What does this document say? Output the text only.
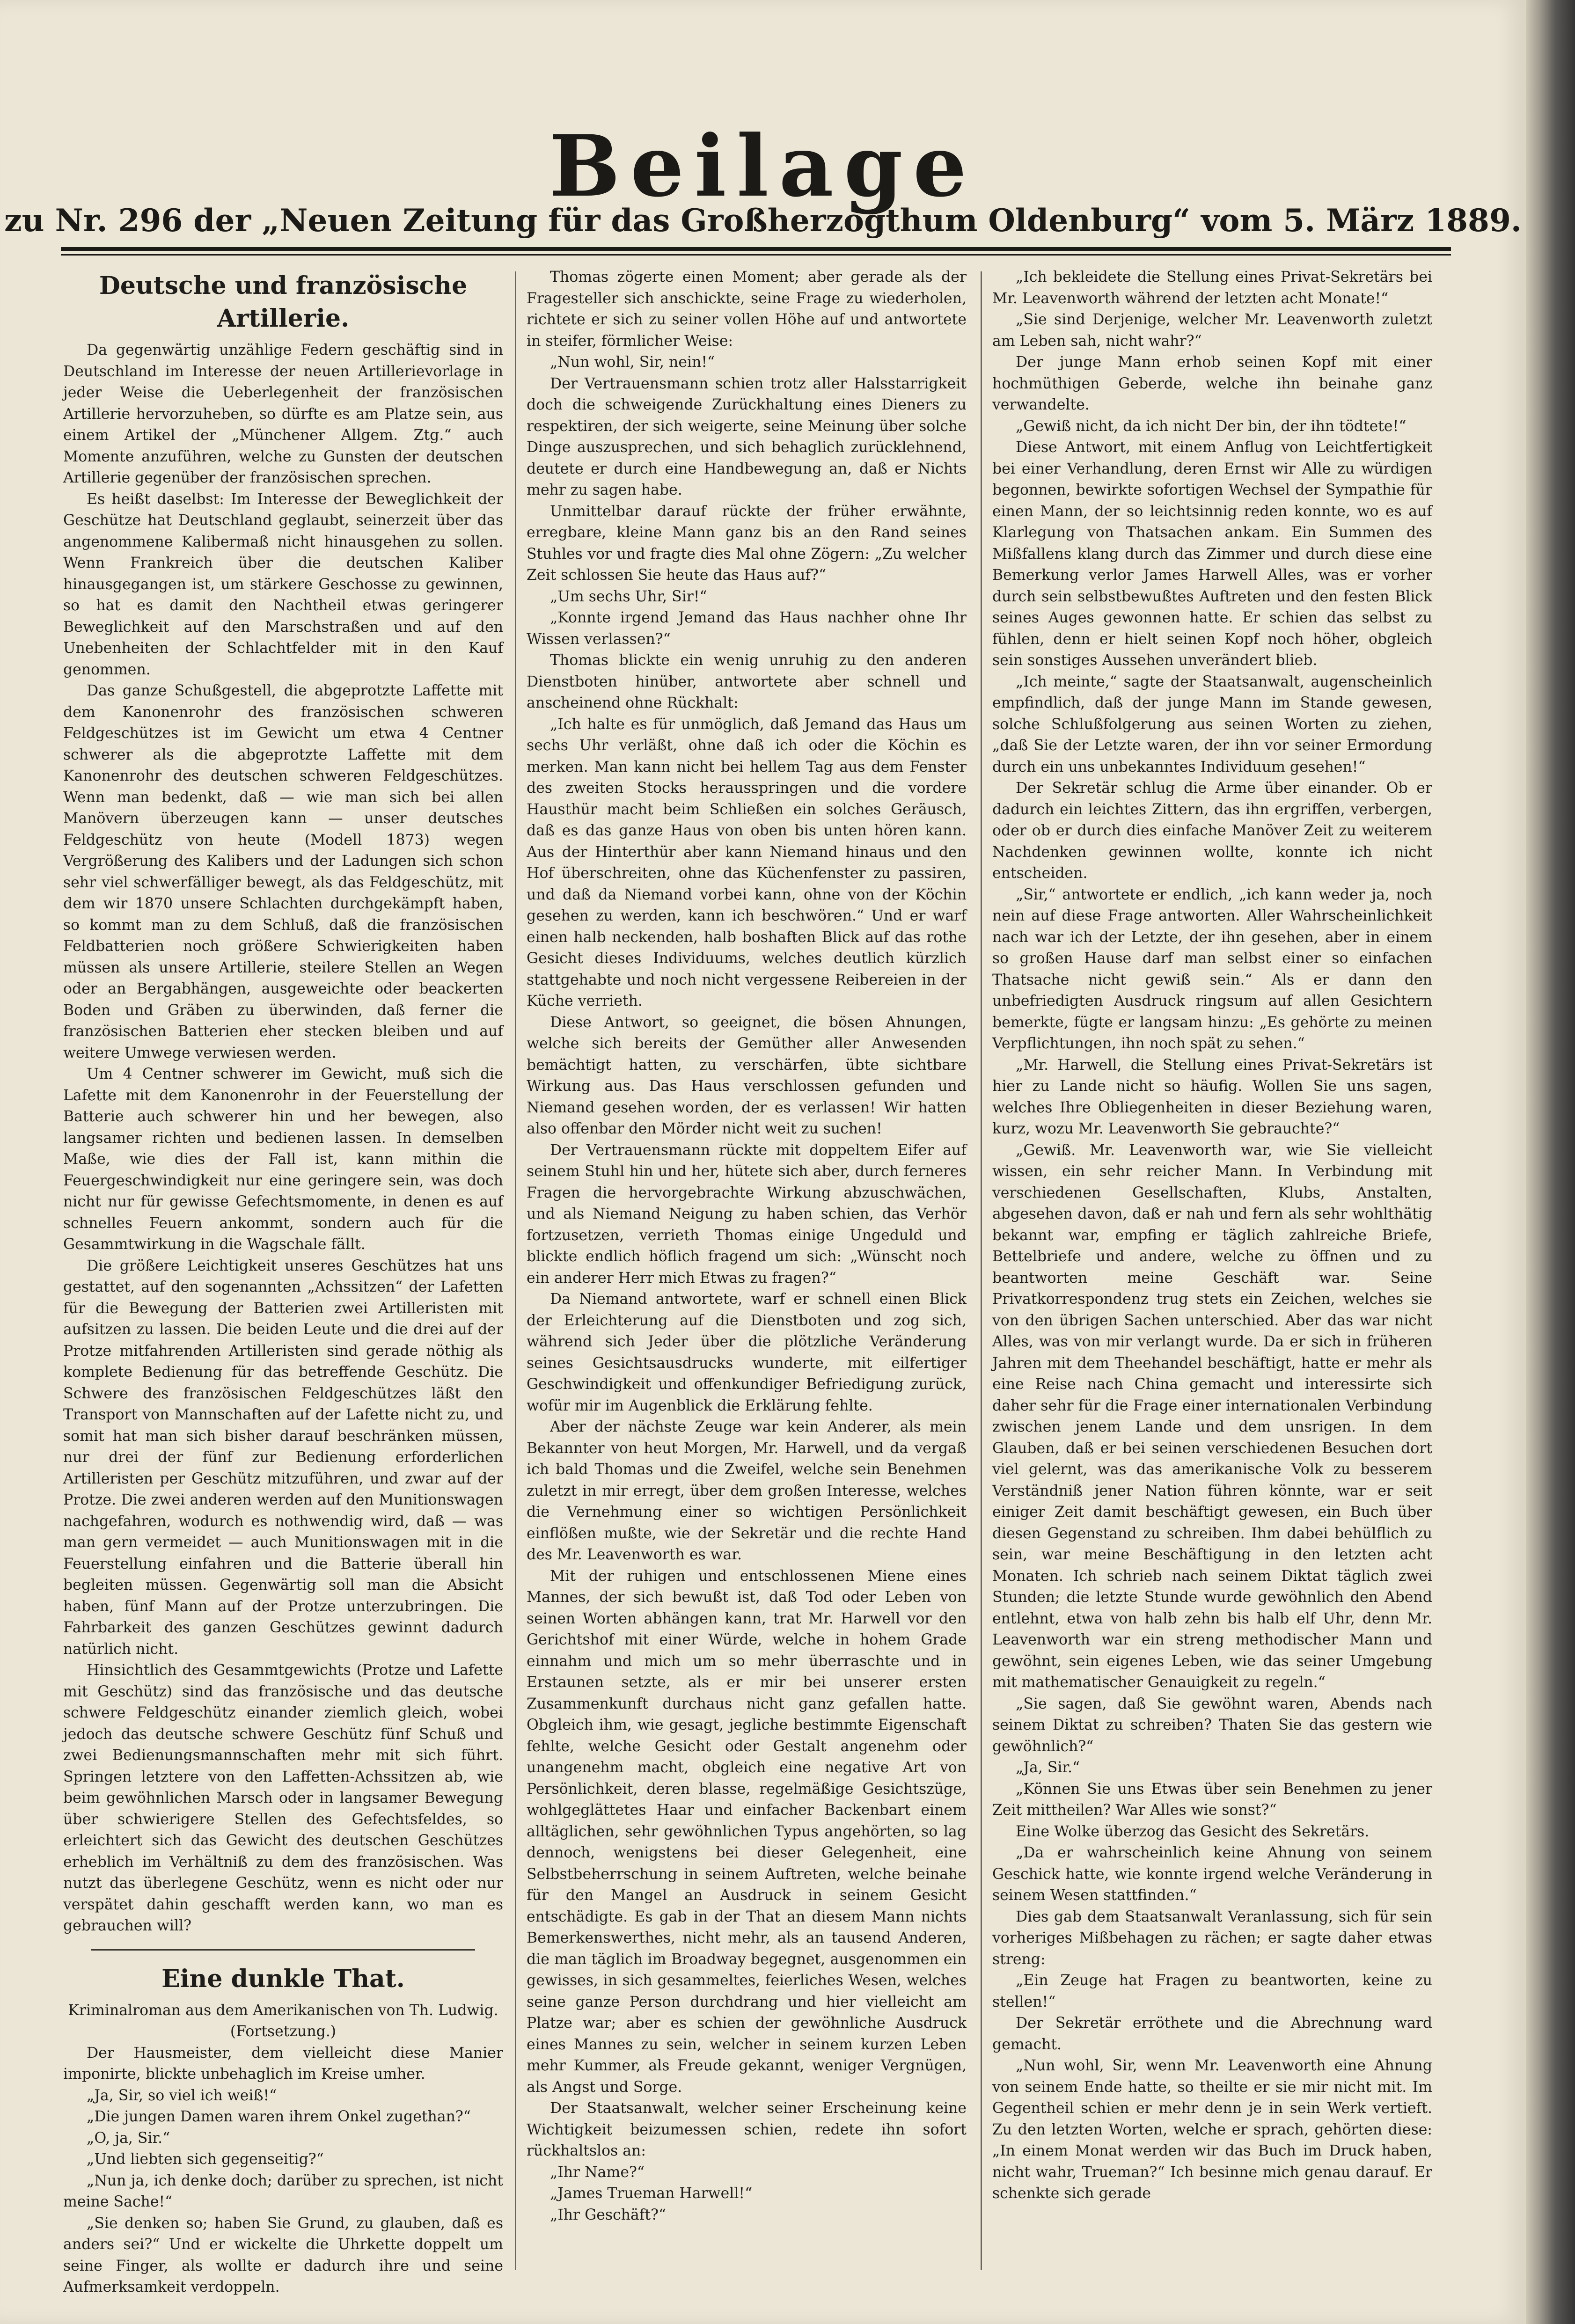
Beilage
zu Nr. 296 der „Neuen Zeitung für das Großherzogthum Oldenburg“ vom 5. März 1889.
Deutsche und französische Artillerie.

Da gegenwärtig unzählige Federn geschäftig sind in Deutschland im Interesse der neuen Artillerievorlage in jeder Weise die Ueberlegenheit der französischen Artillerie hervorzuheben, so dürfte es am Platze sein, aus einem Artikel der „Münchener Allgem. Ztg.“ auch Momente anzuführen, welche zu Gunsten der deutschen Artillerie gegenüber der französischen sprechen.

Es heißt daselbst: Im Interesse der Beweglichkeit der Geschütze hat Deutschland geglaubt, seinerzeit über das angenommene Kalibermaß nicht hinausgehen zu sollen. Wenn Frankreich über die deutschen Kaliber hinausgegangen ist, um stärkere Geschosse zu gewinnen, so hat es damit den Nachtheil etwas geringerer Beweglichkeit auf den Marschstraßen und auf den Unebenheiten der Schlachtfelder mit in den Kauf genommen.

Das ganze Schußgestell, die abgeprotzte Laffette mit dem Kanonenrohr des französischen schweren Feldgeschützes ist im Gewicht um etwa 4 Centner schwerer als die abgeprotzte Laffette mit dem Kanonenrohr des deutschen schweren Feldgeschützes. Wenn man bedenkt, daß — wie man sich bei allen Manövern überzeugen kann — unser deutsches Feldgeschütz von heute (Modell 1873) wegen Vergrößerung des Kalibers und der Ladungen sich schon sehr viel schwerfälliger bewegt, als das Feldgeschütz, mit dem wir 1870 unsere Schlachten durchgekämpft haben, so kommt man zu dem Schluß, daß die französischen Feldbatterien noch größere Schwierigkeiten haben müssen als unsere Artillerie, steilere Stellen an Wegen oder an Bergabhängen, ausgeweichte oder beackerten Boden und Gräben zu überwinden, daß ferner die französischen Batterien eher stecken bleiben und auf weitere Umwege verwiesen werden.

Um 4 Centner schwerer im Gewicht, muß sich die Lafette mit dem Kanonenrohr in der Feuerstellung der Batterie auch schwerer hin und her bewegen, also langsamer richten und bedienen lassen. In demselben Maße, wie dies der Fall ist, kann mithin die Feuergeschwindigkeit nur eine geringere sein, was doch nicht nur für gewisse Gefechtsmomente, in denen es auf schnelles Feuern ankommt, sondern auch für die Gesammtwirkung in die Wagschale fällt.

Die größere Leichtigkeit unseres Geschützes hat uns gestattet, auf den sogenannten „Achssitzen“ der Lafetten für die Bewegung der Batterien zwei Artilleristen mit aufsitzen zu lassen. Die beiden Leute und die drei auf der Protze mitfahrenden Artilleristen sind gerade nöthig als komplete Bedienung für das betreffende Geschütz. Die Schwere des französischen Feldgeschützes läßt den Transport von Mannschaften auf der Lafette nicht zu, und somit hat man sich bisher darauf beschränken müssen, nur drei der fünf zur Bedienung erforderlichen Artilleristen per Geschütz mitzuführen, und zwar auf der Protze. Die zwei anderen werden auf den Munitionswagen nachgefahren, wodurch es nothwendig wird, daß — was man gern vermeidet — auch Munitionswagen mit in die Feuerstellung einfahren und die Batterie überall hin begleiten müssen. Gegenwärtig soll man die Absicht haben, fünf Mann auf der Protze unterzubringen. Die Fahrbarkeit des ganzen Geschützes gewinnt dadurch natürlich nicht.

Hinsichtlich des Gesammtgewichts (Protze und Lafette mit Geschütz) sind das französische und das deutsche schwere Feldgeschütz einander ziemlich gleich, wobei jedoch das deutsche schwere Geschütz fünf Schuß und zwei Bedienungsmannschaften mehr mit sich führt. Springen letztere von den Laffetten-Achssitzen ab, wie beim gewöhnlichen Marsch oder in langsamer Bewegung über schwierigere Stellen des Gefechtsfeldes, so erleichtert sich das Gewicht des deutschen Geschützes erheblich im Verhältniß zu dem des französischen. Was nutzt das überlegene Geschütz, wenn es nicht oder nur verspätet dahin geschafft werden kann, wo man es gebrauchen will?

Eine dunkle That.

Kriminalroman aus dem Amerikanischen von Th. Ludwig.

(Fortsetzung.)

Der Hausmeister, dem vielleicht diese Manier imponirte, blickte unbehaglich im Kreise umher.

„Ja, Sir, so viel ich weiß!“

„Die jungen Damen waren ihrem Onkel zugethan?“

„O, ja, Sir.“

„Und liebten sich gegenseitig?“

„Nun ja, ich denke doch; darüber zu sprechen, ist nicht meine Sache!“

„Sie denken so; haben Sie Grund, zu glauben, daß es anders sei?“ Und er wickelte die Uhrkette doppelt um seine Finger, als wollte er dadurch ihre und seine Aufmerksamkeit verdoppeln.

Thomas zögerte einen Moment; aber gerade als der Fragesteller sich anschickte, seine Frage zu wiederholen, richtete er sich zu seiner vollen Höhe auf und antwortete in steifer, förmlicher Weise:

„Nun wohl, Sir, nein!“

Der Vertrauensmann schien trotz aller Halsstarrigkeit doch die schweigende Zurückhaltung eines Dieners zu respektiren, der sich weigerte, seine Meinung über solche Dinge auszusprechen, und sich behaglich zurücklehnend, deutete er durch eine Handbewegung an, daß er Nichts mehr zu sagen habe.

Unmittelbar darauf rückte der früher erwähnte, erregbare, kleine Mann ganz bis an den Rand seines Stuhles vor und fragte dies Mal ohne Zögern: „Zu welcher Zeit schlossen Sie heute das Haus auf?“

„Um sechs Uhr, Sir!“

„Konnte irgend Jemand das Haus nachher ohne Ihr Wissen verlassen?“

Thomas blickte ein wenig unruhig zu den anderen Dienstboten hinüber, antwortete aber schnell und anscheinend ohne Rückhalt:

„Ich halte es für unmöglich, daß Jemand das Haus um sechs Uhr verläßt, ohne daß ich oder die Köchin es merken. Man kann nicht bei hellem Tag aus dem Fenster des zweiten Stocks herausspringen und die vordere Hausthür macht beim Schließen ein solches Geräusch, daß es das ganze Haus von oben bis unten hören kann. Aus der Hinterthür aber kann Niemand hinaus und den Hof überschreiten, ohne das Küchenfenster zu passiren, und daß da Niemand vorbei kann, ohne von der Köchin gesehen zu werden, kann ich beschwören.“ Und er warf einen halb neckenden, halb boshaften Blick auf das rothe Gesicht dieses Individuums, welches deutlich kürzlich stattgehabte und noch nicht vergessene Reibereien in der Küche verrieth.

Diese Antwort, so geeignet, die bösen Ahnungen, welche sich bereits der Gemüther aller Anwesenden bemächtigt hatten, zu verschärfen, übte sichtbare Wirkung aus. Das Haus verschlossen gefunden und Niemand gesehen worden, der es verlassen! Wir hatten also offenbar den Mörder nicht weit zu suchen!

Der Vertrauensmann rückte mit doppeltem Eifer auf seinem Stuhl hin und her, hütete sich aber, durch ferneres Fragen die hervorgebrachte Wirkung abzuschwächen, und als Niemand Neigung zu haben schien, das Verhör fortzusetzen, verrieth Thomas einige Ungeduld und blickte endlich höflich fragend um sich: „Wünscht noch ein anderer Herr mich Etwas zu fragen?“

Da Niemand antwortete, warf er schnell einen Blick der Erleichterung auf die Dienstboten und zog sich, während sich Jeder über die plötzliche Veränderung seines Gesichtsausdrucks wunderte, mit eilfertiger Geschwindigkeit und offenkundiger Befriedigung zurück, wofür mir im Augenblick die Erklärung fehlte.

Aber der nächste Zeuge war kein Anderer, als mein Bekannter von heut Morgen, Mr. Harwell, und da vergaß ich bald Thomas und die Zweifel, welche sein Benehmen zuletzt in mir erregt, über dem großen Interesse, welches die Vernehmung einer so wichtigen Persönlichkeit einflößen mußte, wie der Sekretär und die rechte Hand des Mr. Leavenworth es war.

Mit der ruhigen und entschlossenen Miene eines Mannes, der sich bewußt ist, daß Tod oder Leben von seinen Worten abhängen kann, trat Mr. Harwell vor den Gerichtshof mit einer Würde, welche in hohem Grade einnahm und mich um so mehr überraschte und in Erstaunen setzte, als er mir bei unserer ersten Zusammenkunft durchaus nicht ganz gefallen hatte. Obgleich ihm, wie gesagt, jegliche bestimmte Eigenschaft fehlte, welche Gesicht oder Gestalt angenehm oder unangenehm macht, obgleich eine negative Art von Persönlichkeit, deren blasse, regelmäßige Gesichtszüge, wohlgeglättetes Haar und einfacher Backenbart einem alltäglichen, sehr gewöhnlichen Typus angehörten, so lag dennoch, wenigstens bei dieser Gelegenheit, eine Selbstbeherrschung in seinem Auftreten, welche beinahe für den Mangel an Ausdruck in seinem Gesicht entschädigte. Es gab in der That an diesem Mann nichts Bemerkenswerthes, nicht mehr, als an tausend Anderen, die man täglich im Broadway begegnet, ausgenommen ein gewisses, in sich gesammeltes, feierliches Wesen, welches seine ganze Person durchdrang und hier vielleicht am Platze war; aber es schien der gewöhnliche Ausdruck eines Mannes zu sein, welcher in seinem kurzen Leben mehr Kummer, als Freude gekannt, weniger Vergnügen, als Angst und Sorge.

Der Staatsanwalt, welcher seiner Erscheinung keine Wichtigkeit beizumessen schien, redete ihn sofort rückhaltslos an:

„Ihr Name?“

„James Trueman Harwell!“

„Ihr Geschäft?“

„Ich bekleidete die Stellung eines Privat-Sekretärs bei Mr. Leavenworth während der letzten acht Monate!“

„Sie sind Derjenige, welcher Mr. Leavenworth zuletzt am Leben sah, nicht wahr?“

Der junge Mann erhob seinen Kopf mit einer hochmüthigen Geberde, welche ihn beinahe ganz verwandelte.

„Gewiß nicht, da ich nicht Der bin, der ihn tödtete!“

Diese Antwort, mit einem Anflug von Leichtfertigkeit bei einer Verhandlung, deren Ernst wir Alle zu würdigen begonnen, bewirkte sofortigen Wechsel der Sympathie für einen Mann, der so leichtsinnig reden konnte, wo es auf Klarlegung von Thatsachen ankam. Ein Summen des Mißfallens klang durch das Zimmer und durch diese eine Bemerkung verlor James Harwell Alles, was er vorher durch sein selbstbewußtes Auftreten und den festen Blick seines Auges gewonnen hatte. Er schien das selbst zu fühlen, denn er hielt seinen Kopf noch höher, obgleich sein sonstiges Aussehen unverändert blieb.

„Ich meinte,“ sagte der Staatsanwalt, augenscheinlich empfindlich, daß der junge Mann im Stande gewesen, solche Schlußfolgerung aus seinen Worten zu ziehen, „daß Sie der Letzte waren, der ihn vor seiner Ermordung durch ein uns unbekanntes Individuum gesehen!“

Der Sekretär schlug die Arme über einander. Ob er dadurch ein leichtes Zittern, das ihn ergriffen, verbergen, oder ob er durch dies einfache Manöver Zeit zu weiterem Nachdenken gewinnen wollte, konnte ich nicht entscheiden.

„Sir,“ antwortete er endlich, „ich kann weder ja, noch nein auf diese Frage antworten. Aller Wahrscheinlichkeit nach war ich der Letzte, der ihn gesehen, aber in einem so großen Hause darf man selbst einer so einfachen Thatsache nicht gewiß sein.“ Als er dann den unbefriedigten Ausdruck ringsum auf allen Gesichtern bemerkte, fügte er langsam hinzu: „Es gehörte zu meinen Verpflichtungen, ihn noch spät zu sehen.“

„Mr. Harwell, die Stellung eines Privat-Sekretärs ist hier zu Lande nicht so häufig. Wollen Sie uns sagen, welches Ihre Obliegenheiten in dieser Beziehung waren, kurz, wozu Mr. Leavenworth Sie gebrauchte?“

„Gewiß. Mr. Leavenworth war, wie Sie vielleicht wissen, ein sehr reicher Mann. In Verbindung mit verschiedenen Gesellschaften, Klubs, Anstalten, abgesehen davon, daß er nah und fern als sehr wohlthätig bekannt war, empfing er täglich zahlreiche Briefe, Bettelbriefe und andere, welche zu öffnen und zu beantworten meine Geschäft war. Seine Privatkorrespondenz trug stets ein Zeichen, welches sie von den übrigen Sachen unterschied. Aber das war nicht Alles, was von mir verlangt wurde. Da er sich in früheren Jahren mit dem Theehandel beschäftigt, hatte er mehr als eine Reise nach China gemacht und interessirte sich daher sehr für die Frage einer internationalen Verbindung zwischen jenem Lande und dem unsrigen. In dem Glauben, daß er bei seinen verschiedenen Besuchen dort viel gelernt, was das amerikanische Volk zu besserem Verständniß jener Nation führen könnte, war er seit einiger Zeit damit beschäftigt gewesen, ein Buch über diesen Gegenstand zu schreiben. Ihm dabei behülflich zu sein, war meine Beschäftigung in den letzten acht Monaten. Ich schrieb nach seinem Diktat täglich zwei Stunden; die letzte Stunde wurde gewöhnlich den Abend entlehnt, etwa von halb zehn bis halb elf Uhr, denn Mr. Leavenworth war ein streng methodischer Mann und gewöhnt, sein eigenes Leben, wie das seiner Umgebung mit mathematischer Genauigkeit zu regeln.“

„Sie sagen, daß Sie gewöhnt waren, Abends nach seinem Diktat zu schreiben? Thaten Sie das gestern wie gewöhnlich?“

„Ja, Sir.“

„Können Sie uns Etwas über sein Benehmen zu jener Zeit mittheilen? War Alles wie sonst?“

Eine Wolke überzog das Gesicht des Sekretärs.

„Da er wahrscheinlich keine Ahnung von seinem Geschick hatte, wie konnte irgend welche Veränderung in seinem Wesen stattfinden.“

Dies gab dem Staatsanwalt Veranlassung, sich für sein vorheriges Mißbehagen zu rächen; er sagte daher etwas streng:

„Ein Zeuge hat Fragen zu beantworten, keine zu stellen!“

Der Sekretär erröthete und die Abrechnung ward gemacht.

„Nun wohl, Sir, wenn Mr. Leavenworth eine Ahnung von seinem Ende hatte, so theilte er sie mir nicht mit. Im Gegentheil schien er mehr denn je in sein Werk vertieft. Zu den letzten Worten, welche er sprach, gehörten diese: „In einem Monat werden wir das Buch im Druck haben, nicht wahr, Trueman?“ Ich besinne mich genau darauf. Er schenkte sich gerade
